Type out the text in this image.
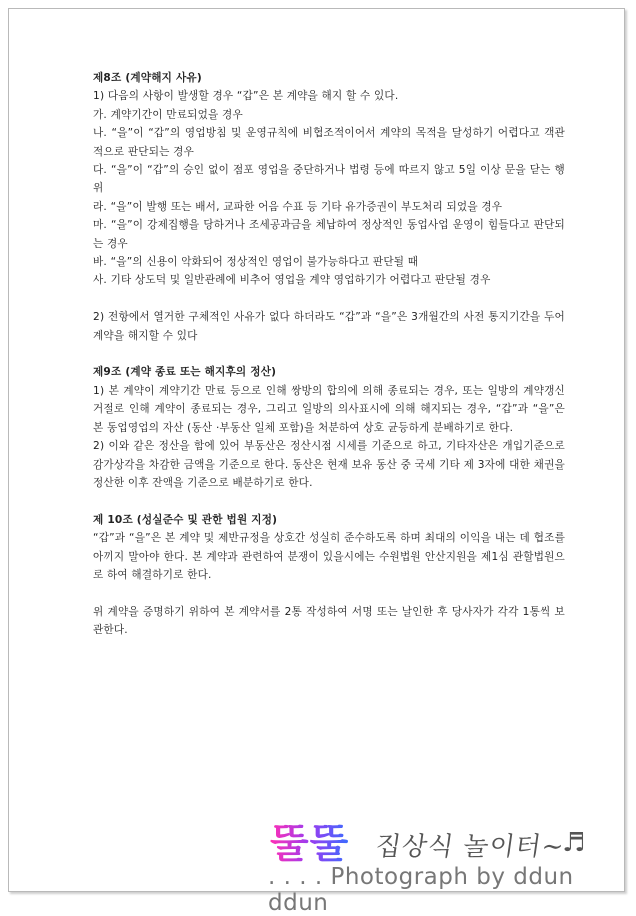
제8조 (계약해지 사유)

1) 다음의 사항이 발생할 경우 “갑”은 본 계약을 해지 할 수 있다.

가. 계약기간이 만료되었을 경우

나. “을”이 “갑”의 영업방침 및 운영규칙에 비협조적이어서 계약의 목적을 달성하기 어렵다고 객관적으로 판단되는 경우

다. “을”이 “갑”의 승인 없이 점포 영업을 중단하거나 법령 등에 따르지 않고 5일 이상 문을 닫는 행위

라. “을”이 발행 또는 배서, 교파한 어음 수표 등 기타 유가증권이 부도처리 되었을 경우

마. “을”이 강제집행을 당하거나 조세공과금을 체납하여 정상적인 동업사업 운영이 힘들다고 판단되는 경우

바. “을”의 신용이 악화되어 정상적인 영업이 불가능하다고 판단될 때

사. 기타 상도덕 및 일반관례에 비추어 영업을 계약 영업하기가 어렵다고 판단될 경우

2) 전항에서 열거한 구체적인 사유가 없다 하더라도 “갑”과 “을”은 3개월간의 사전 통지기간을 두어 계약을 해지할 수 있다

제9조 (계약 종료 또는 해지후의 정산)

1) 본 계약이 계약기간 만료 등으로 인해 쌍방의 합의에 의해 종료되는 경우, 또는 일방의 계약갱신 거절로 인해 계약이 종료되는 경우, 그리고 일방의 의사표시에 의해 해지되는 경우, “갑”과 “을”은 본 동업영업의 자산 (동산 ·부동산 일체 포함)을 처분하여 상호 균등하게 분배하기로 한다.

2) 이와 같은 정산을 함에 있어 부동산은 정산시점 시세를 기준으로 하고, 기타자산은 개입기준으로 감가상각을 차감한 금액을 기준으로 한다. 동산은 현재 보유 동산 중 국세 기타 제 3자에 대한 채권을 정산한 이후 잔액을 기준으로 배분하기로 한다.

제 10조 (성실준수 및 관한 법원 지정)

“갑”과 “을”은 본 계약 및 제반규정을 상호간 성실히 준수하도록 하며 최대의 이익을 내는 데 협조를 아끼지 말아야 한다. 본 계약과 관련하여 분쟁이 있을시에는 수원법원 안산지원을 제1심 관할법원으로 하여 해결하기로 한다.

위 계약을 증명하기 위하여 본 계약서를 2통 작성하여 서명 또는 날인한 후 당사자가 각각 1통씩 보관한다.

뚤뚤 집상식 놀이터~
♬
. . . . Photograph by ddun ddun
